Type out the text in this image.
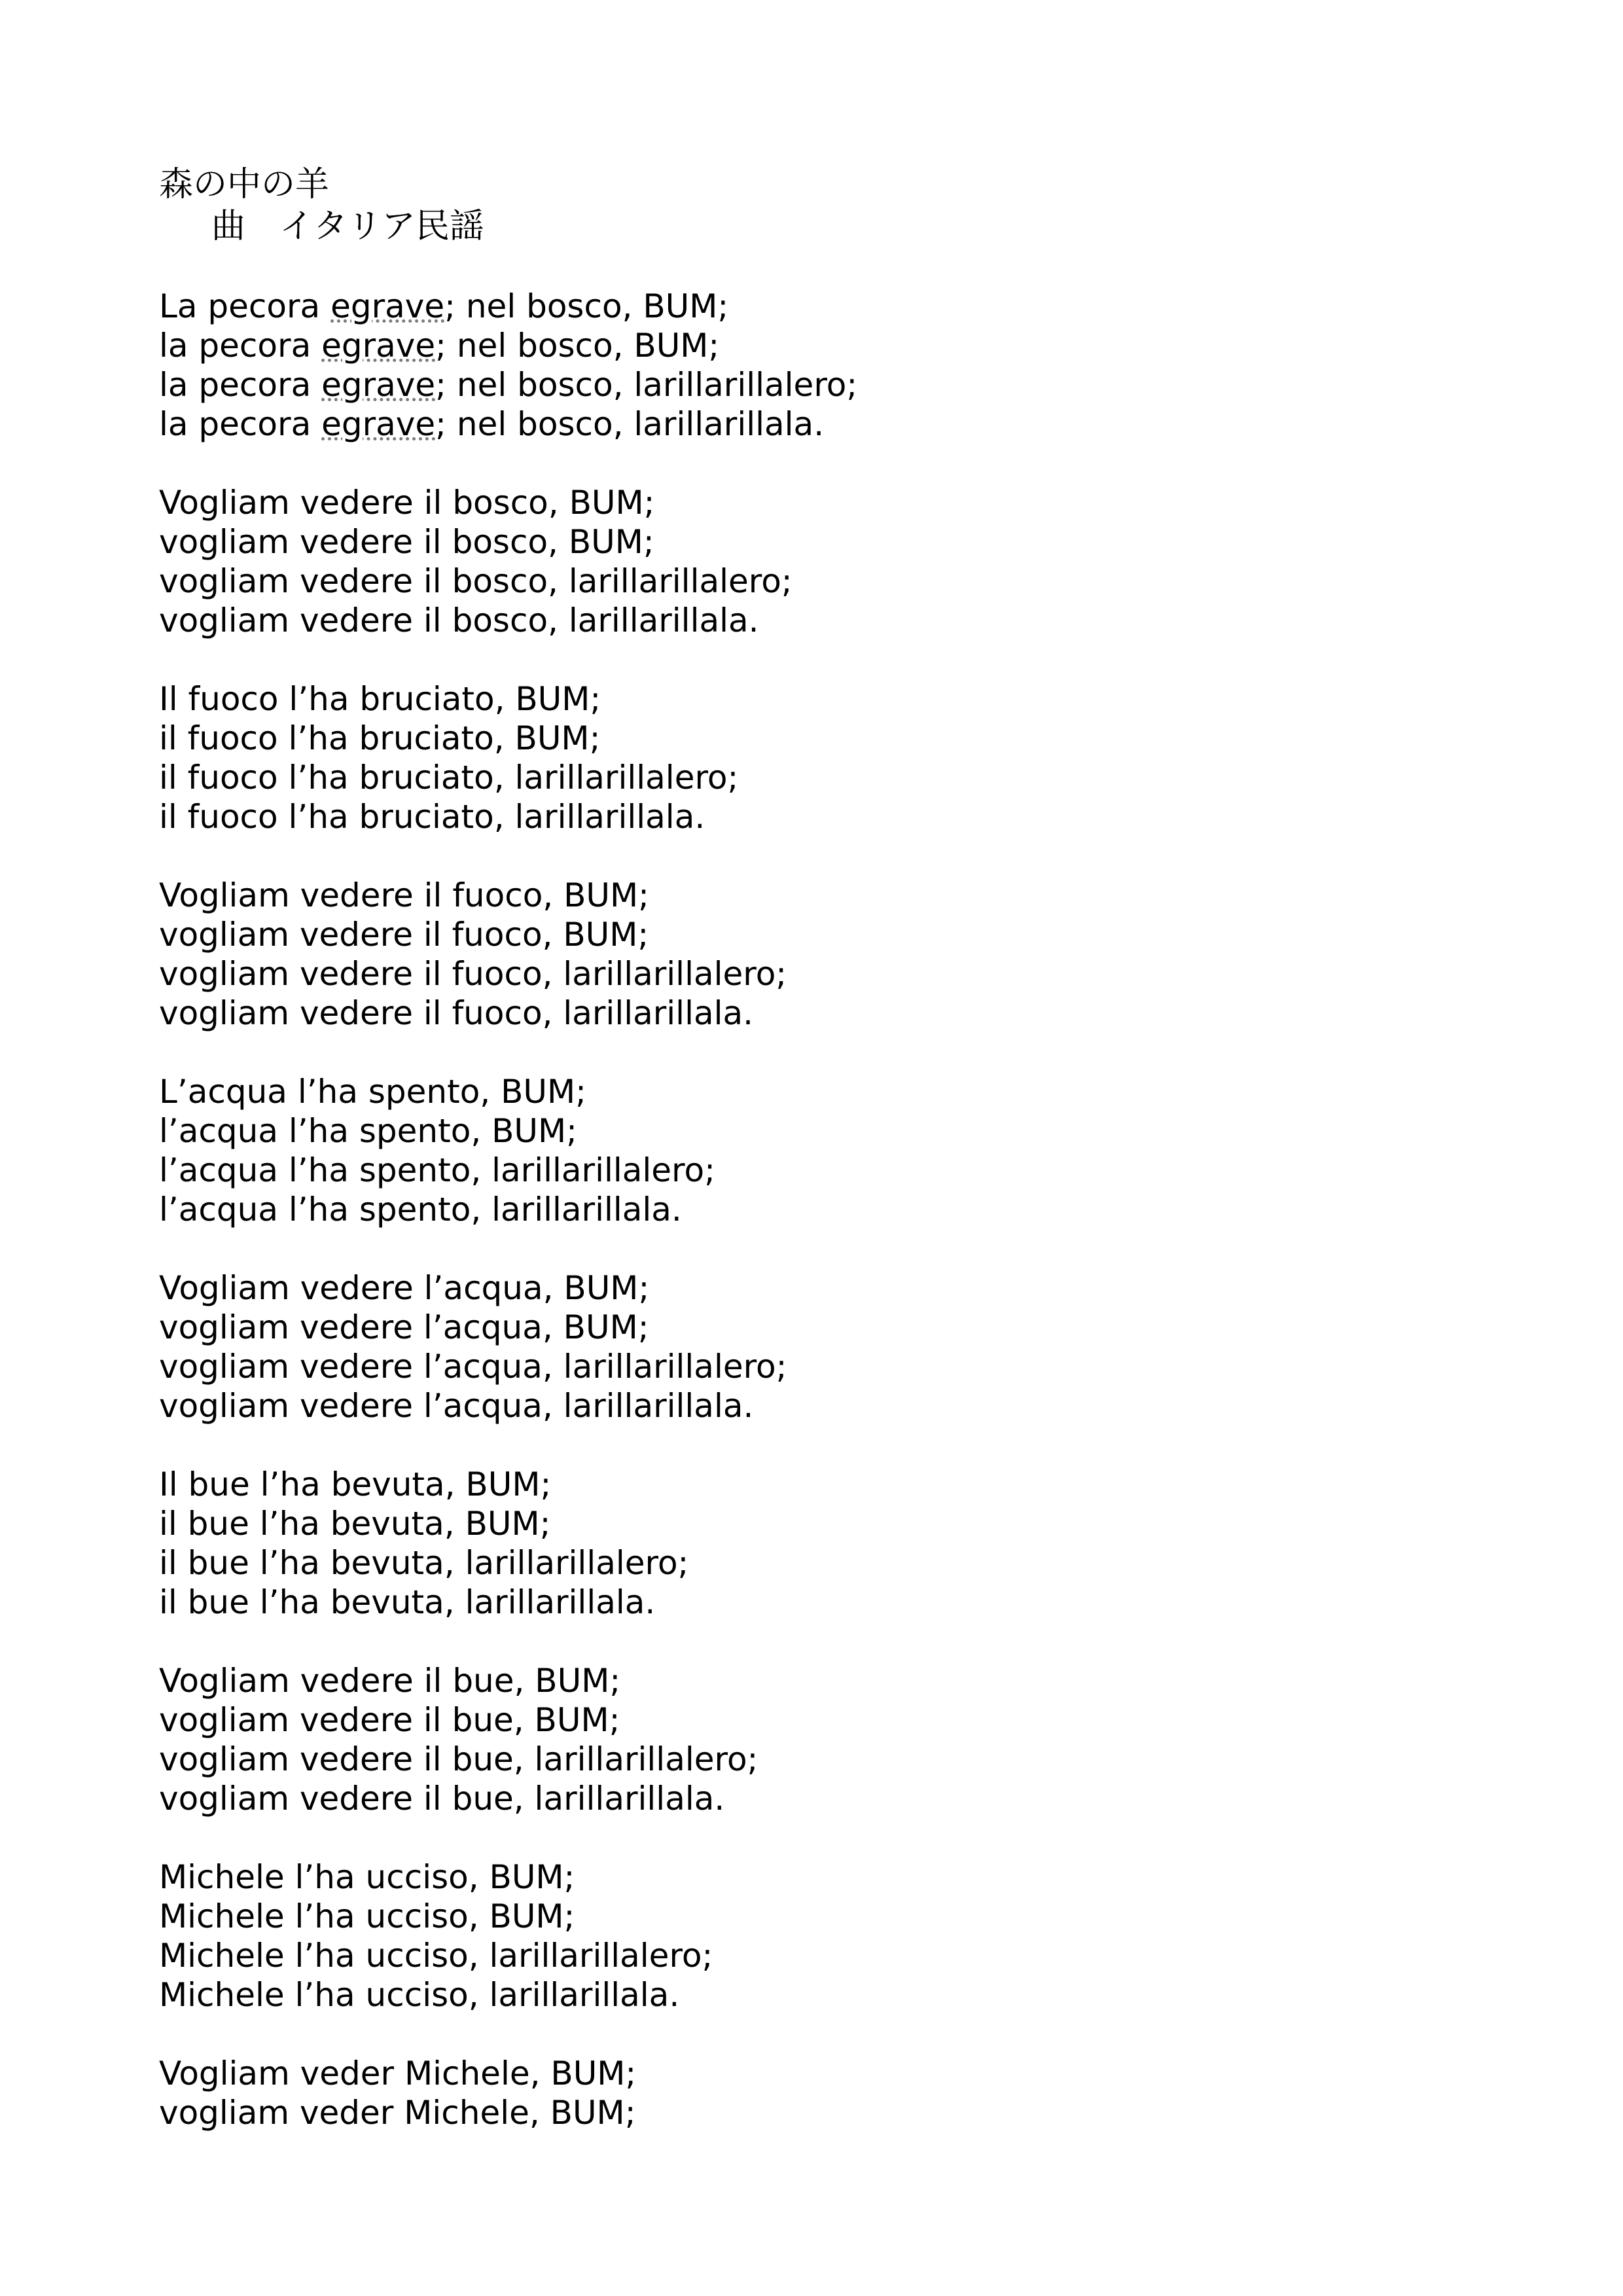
森の中の羊
曲　イタリア民謡
La pecora egrave; nel bosco, BUM;
la pecora egrave; nel bosco, BUM;
la pecora egrave; nel bosco, larillarillalero;
la pecora egrave; nel bosco, larillarillala.
Vogliam vedere il bosco, BUM;
vogliam vedere il bosco, BUM;
vogliam vedere il bosco, larillarillalero;
vogliam vedere il bosco, larillarillala.
Il fuoco l’ha bruciato, BUM;
il fuoco l’ha bruciato, BUM;
il fuoco l’ha bruciato, larillarillalero;
il fuoco l’ha bruciato, larillarillala.
Vogliam vedere il fuoco, BUM;
vogliam vedere il fuoco, BUM;
vogliam vedere il fuoco, larillarillalero;
vogliam vedere il fuoco, larillarillala.
L’acqua l’ha spento, BUM;
l’acqua l’ha spento, BUM;
l’acqua l’ha spento, larillarillalero;
l’acqua l’ha spento, larillarillala.
Vogliam vedere l’acqua, BUM;
vogliam vedere l’acqua, BUM;
vogliam vedere l’acqua, larillarillalero;
vogliam vedere l’acqua, larillarillala.
Il bue l’ha bevuta, BUM;
il bue l’ha bevuta, BUM;
il bue l’ha bevuta, larillarillalero;
il bue l’ha bevuta, larillarillala.
Vogliam vedere il bue, BUM;
vogliam vedere il bue, BUM;
vogliam vedere il bue, larillarillalero;
vogliam vedere il bue, larillarillala.
Michele l’ha ucciso, BUM;
Michele l’ha ucciso, BUM;
Michele l’ha ucciso, larillarillalero;
Michele l’ha ucciso, larillarillala.
Vogliam veder Michele, BUM;
vogliam veder Michele, BUM;
